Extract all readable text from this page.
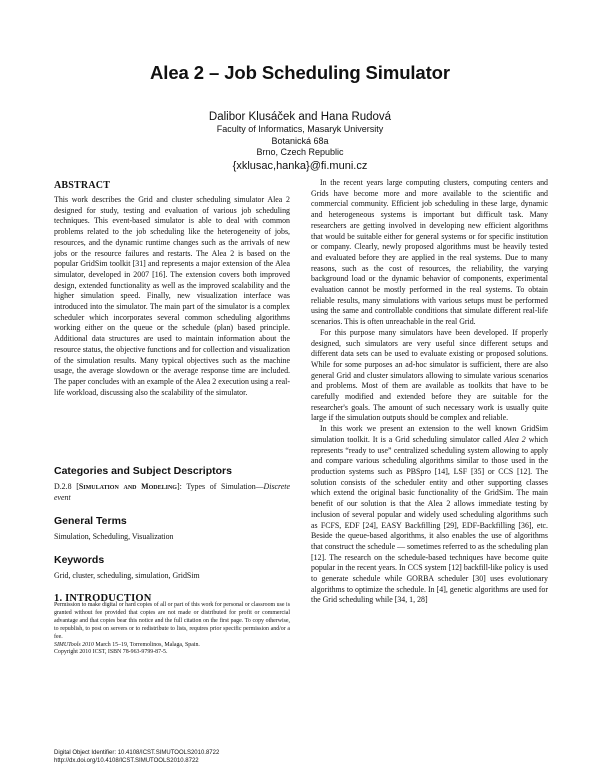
Alea 2 – Job Scheduling Simulator
Dalibor Klusáček and Hana Rudová
Faculty of Informatics, Masaryk University
Botanická 68a
Brno, Czech Republic
{xklusac,hanka}@fi.muni.cz
ABSTRACT

This work describes the Grid and cluster scheduling simulator Alea 2 designed for study, testing and evaluation of various job scheduling techniques. This event-based simulator is able to deal with common problems related to the job scheduling like the heterogeneity of jobs, resources, and the dynamic runtime changes such as the arrivals of new jobs or the resource failures and restarts. The Alea 2 is based on the popular GridSim toolkit [31] and represents a major extension of the Alea simulator, developed in 2007 [16]. The extension covers both improved design, extended functionality as well as the improved scalability and the higher simulation speed. Finally, new visualization interface was introduced into the simulator. The main part of the simulator is a complex scheduler which incorporates several common scheduling algorithms working either on the queue or the schedule (plan) based principle. Additional data structures are used to maintain information about the resource status, the objective functions and for collection and visualization of the simulation results. Many typical objectives such as the machine usage, the average slowdown or the average response time are included. The paper concludes with an example of the Alea 2 execution using a real-life workload, discussing also the scalability of the simulator.

Categories and Subject Descriptors

D.2.8 [Simulation and Modeling]: Types of Simulation—Discrete event

General Terms

Simulation, Scheduling, Visualization

Keywords

Grid, cluster, scheduling, simulation, GridSim

1. INTRODUCTION

Permission to make digital or hard copies of all or part of this work for personal or classroom use is granted without fee provided that copies are not made or distributed for profit or commercial advantage and that copies bear this notice and the full citation on the first page. To copy otherwise, to republish, to post on servers or to redistribute to lists, requires prior specific permission and/or a fee.

SIMUTools 2010 March 15–19, Torremolinos, Malaga, Spain.

Copyright 2010 ICST, ISBN 78-963-9799-87-5.

In the recent years large computing clusters, computing centers and Grids have become more and more available to the scientific and commercial community. Efficient job scheduling in these large, dynamic and heterogeneous systems is important but difficult task. Many researchers are getting involved in developing new efficient algorithms that would be suitable either for general systems or for specific institution or company. Clearly, newly proposed algorithms must be heavily tested and evaluated before they are applied in the real systems. Due to many reasons, such as the cost of resources, the reliability, the varying background load or the dynamic behavior of components, experimental evaluation cannot be mostly performed in the real systems. To obtain reliable results, many simulations with various setups must be performed using the same and controllable conditions that simulate different real-life scenarios. This is often unreachable in the real Grid.

For this purpose many simulators have been developed. If properly designed, such simulators are very useful since different setups and different data sets can be used to evaluate existing or proposed solutions. While for some purposes an ad-hoc simulator is sufficient, there are also general Grid and cluster simulators allowing to simulate various scenarios and problems. Most of them are available as toolkits that have to be carefully modified and extended before they are suitable for the researcher's goals. The amount of such necessary work is usually quite large if the simulation outputs should be complex and reliable.

In this work we present an extension to the well known GridSim simulation toolkit. It is a Grid scheduling simulator called Alea 2 which represents “ready to use” centralized scheduling system allowing to apply and compare various scheduling algorithms similar to those used in the production systems such as PBSpro [14], LSF [35] or CCS [12]. The solution consists of the scheduler entity and other supporting classes which extend the original basic functionality of the GridSim. The main benefit of our solution is that the Alea 2 allows immediate testing by inclusion of several popular and widely used scheduling algorithms such as FCFS, EDF [24], EASY Backfilling [29], EDF-Backfilling [36], etc. Beside the queue-based algorithms, it also enables the use of algorithms that construct the schedule — sometimes referred to as the scheduling plan [12]. The research on the schedule-based techniques have become quite popular in the recent years. In CCS system [12] backfill-like policy is used to generate schedule while GORBA scheduler [30] uses evolutionary algorithms to optimize the schedule. In [4], genetic algorithms are used for the Grid scheduling while [34, 1, 28]

Digital Object Identifier: 10.4108/ICST.SIMUTOOLS2010.8722
http://dx.doi.org/10.4108/ICST.SIMUTOOLS2010.8722
